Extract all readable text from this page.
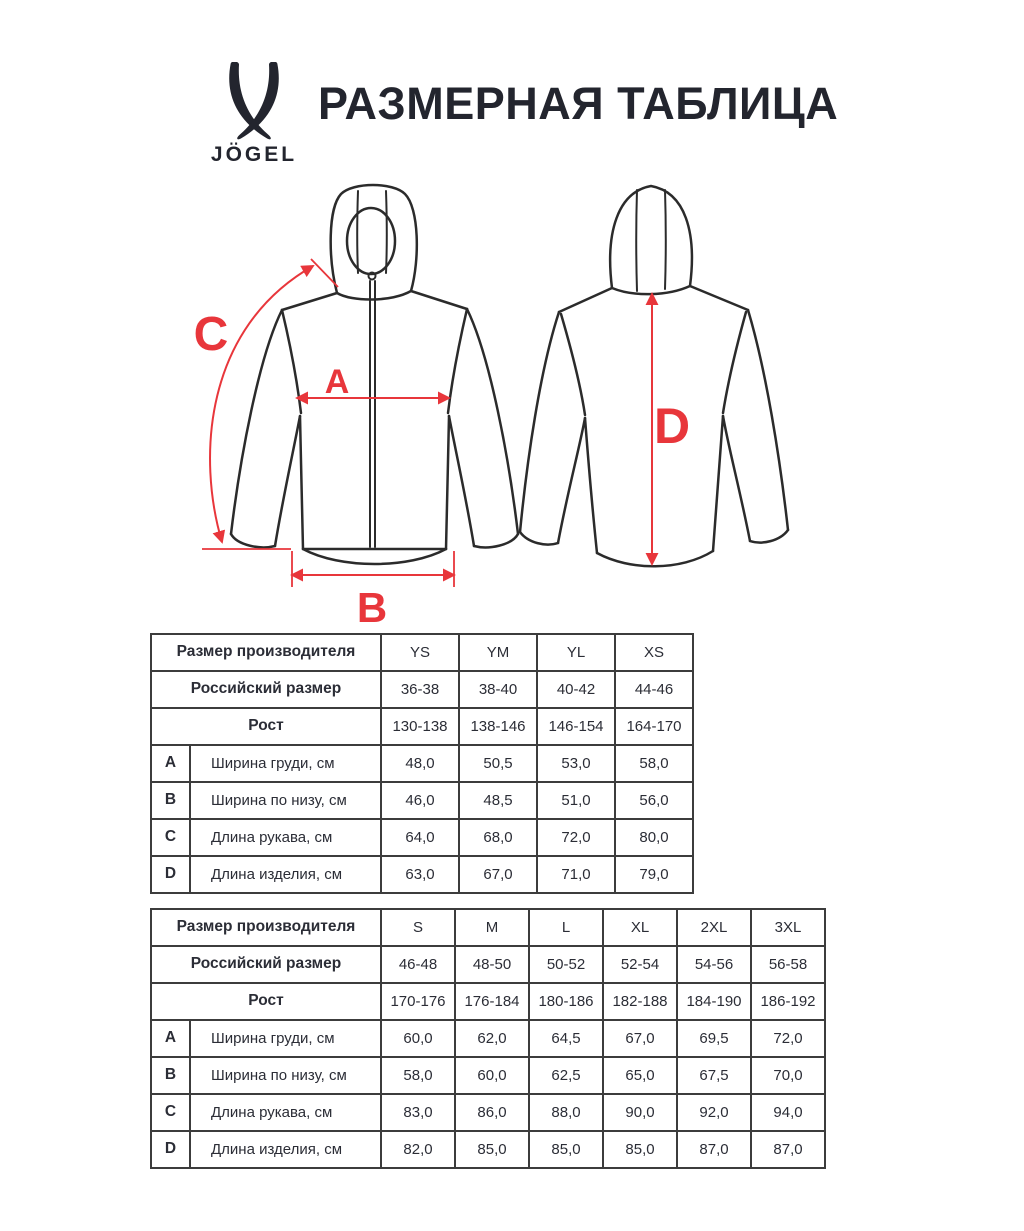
JÖGEL
РАЗМЕРНАЯ ТАБЛИЦА
A
B
C
D
Размер производителя		YS	YM	YL	XS
Российский размер		36-38	38-40	40-42	44-46
Рост		130-138	138-146	146-154	164-170
A	Ширина груди, см	48,0	50,5	53,0	58,0
B	Ширина по низу, см	46,0	48,5	51,0	56,0
C	Длина рукава, см	64,0	68,0	72,0	80,0
D	Длина изделия, см	63,0	67,0	71,0	79,0
Размер производителя		S	M	L	XL	2XL	3XL
Российский размер		46-48	48-50	50-52	52-54	54-56	56-58
Рост		170-176	176-184	180-186	182-188	184-190	186-192
A	Ширина груди, см	60,0	62,0	64,5	67,0	69,5	72,0
B	Ширина по низу, см	58,0	60,0	62,5	65,0	67,5	70,0
C	Длина рукава, см	83,0	86,0	88,0	90,0	92,0	94,0
D	Длина изделия, см	82,0	85,0	85,0	85,0	87,0	87,0
